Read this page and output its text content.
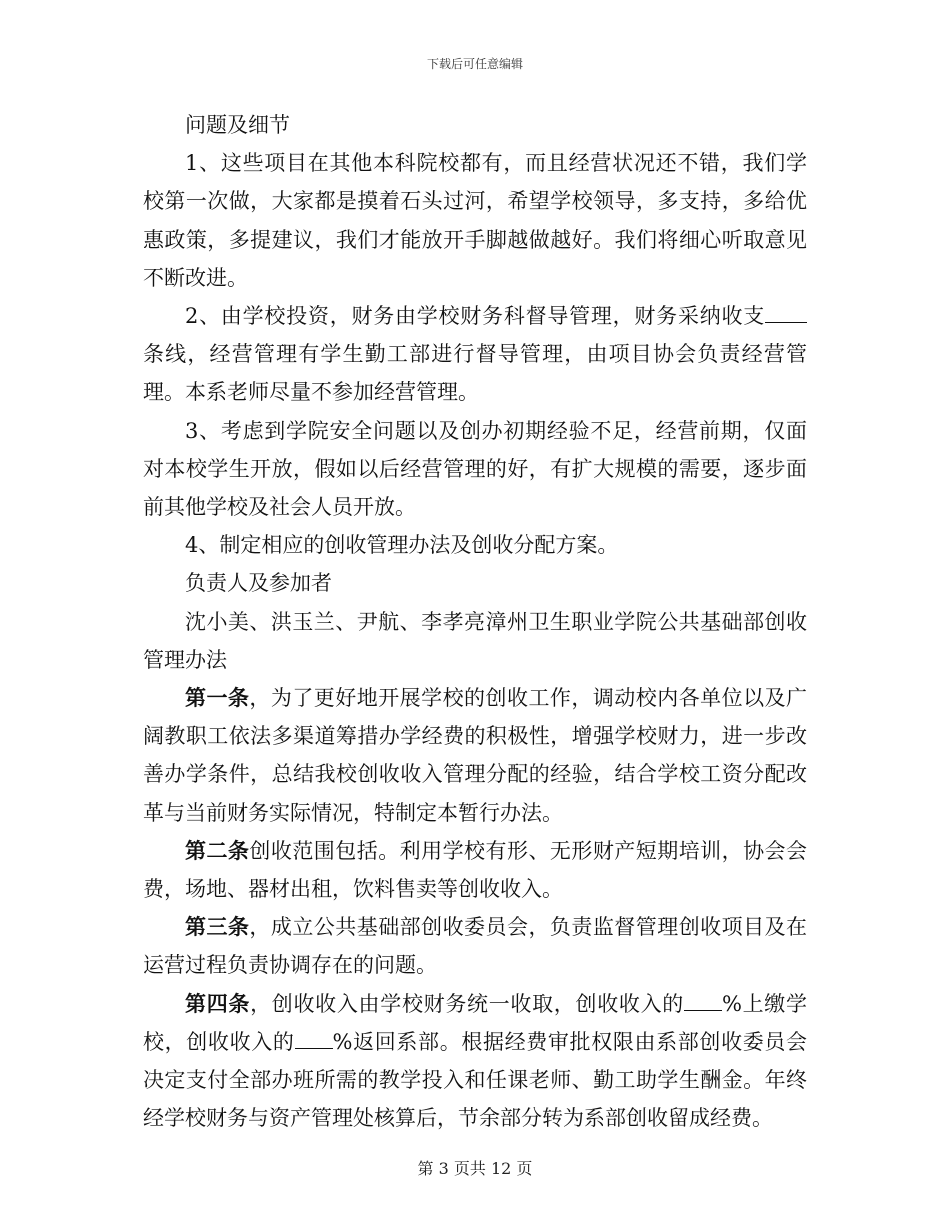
下载后可任意编辑

问题及细节

1、这些项目在其他本科院校都有，而且经营状况还不错，我们学校第一次做，大家都是摸着石头过河，希望学校领导，多支持，多给优惠政策，多提建议，我们才能放开手脚越做越好。我们将细心听取意见不断改进。

2、由学校投资，财务由学校财务科督导管理，财务采纳收支条线，经营管理有学生勤工部进行督导管理，由项目协会负责经营管理。本系老师尽量不参加经营管理。

3、考虑到学院安全问题以及创办初期经验不足，经营前期，仅面对本校学生开放，假如以后经营管理的好，有扩大规模的需要，逐步面前其他学校及社会人员开放。

4、制定相应的创收管理办法及创收分配方案。

负责人及参加者

沈小美、洪玉兰、尹航、李孝亮漳州卫生职业学院公共基础部创收管理办法

第一条，为了更好地开展学校的创收工作，调动校内各单位以及广阔教职工依法多渠道筹措办学经费的积极性，增强学校财力，进一步改善办学条件，总结我校创收收入管理分配的经验，结合学校工资分配改革与当前财务实际情况，特制定本暂行办法。

第二条创收范围包括。利用学校有形、无形财产短期培训，协会会费，场地、器材出租，饮料售卖等创收收入。

第三条，成立公共基础部创收委员会，负责监督管理创收项目及在运营过程负责协调存在的问题。

第四条，创收收入由学校财务统一收取，创收收入的 %上缴学校，创收收入的 %返回系部。根据经费审批权限由系部创收委员会决定支付全部办班所需的教学投入和任课老师、勤工助学生酬金。年终经学校财务与资产管理处核算后，节余部分转为系部创收留成经费。

第 3 页共 12 页
